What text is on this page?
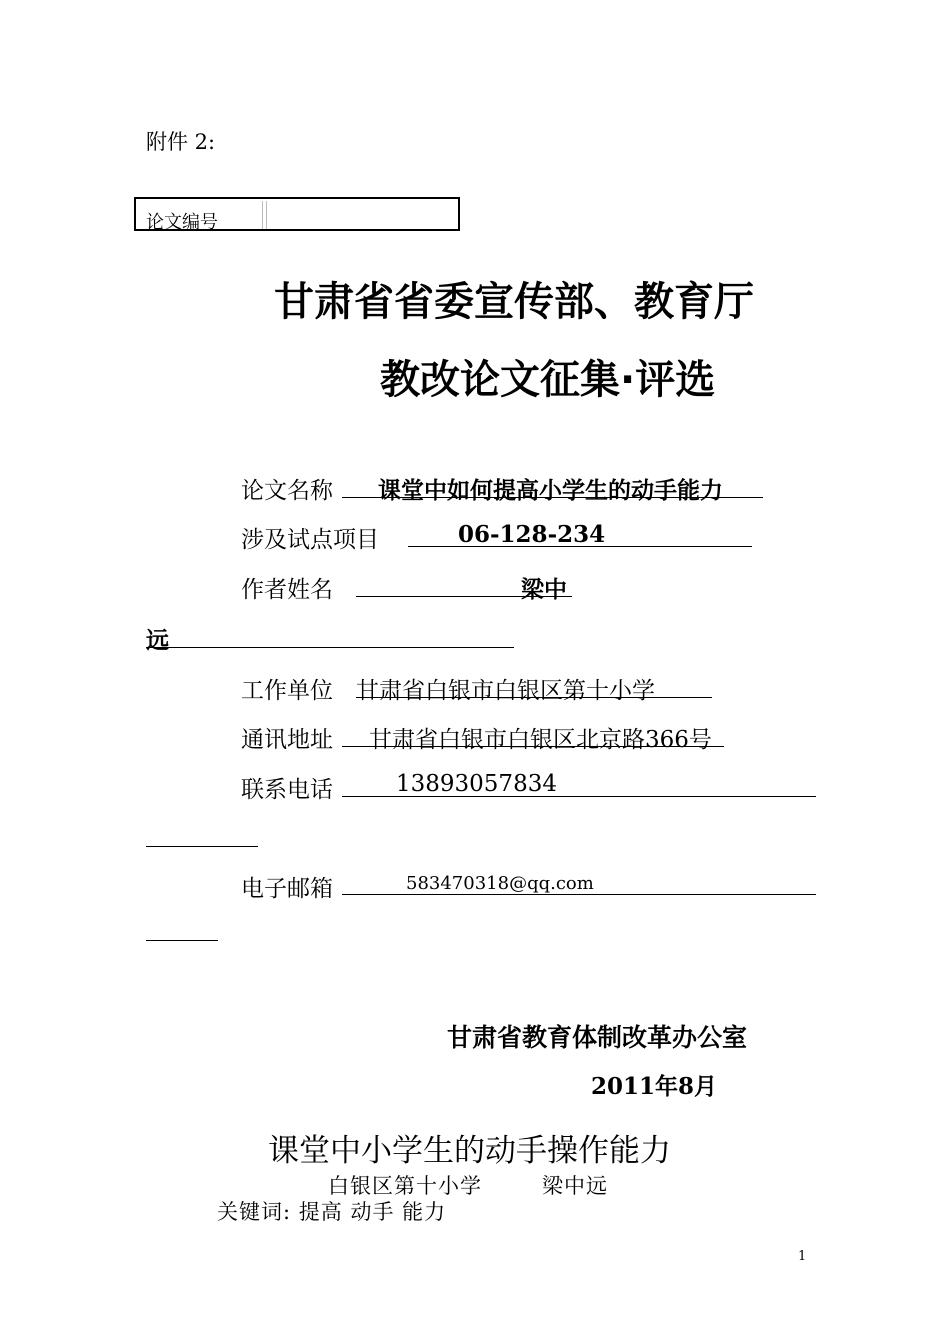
附件 2:
论文编号
甘肃省省委宣传部、教育厅
教改论文征集·评选
论文名称 课堂中如何提高小学生的动手能力
涉及试点项目	06-128-234
作者姓名	梁中
远
工作单位 甘肃省白银市白银区第十小学
通讯地址 甘肃省白银市白银区北京路366号
联系电话	13893057834
电子邮箱	583470318@qq.com
甘肃省教育体制改革办公室
2011年8月
课堂中小学生的动手操作能力
白银区第十小学	梁中远
关键词: 提高 动手 能力
1
